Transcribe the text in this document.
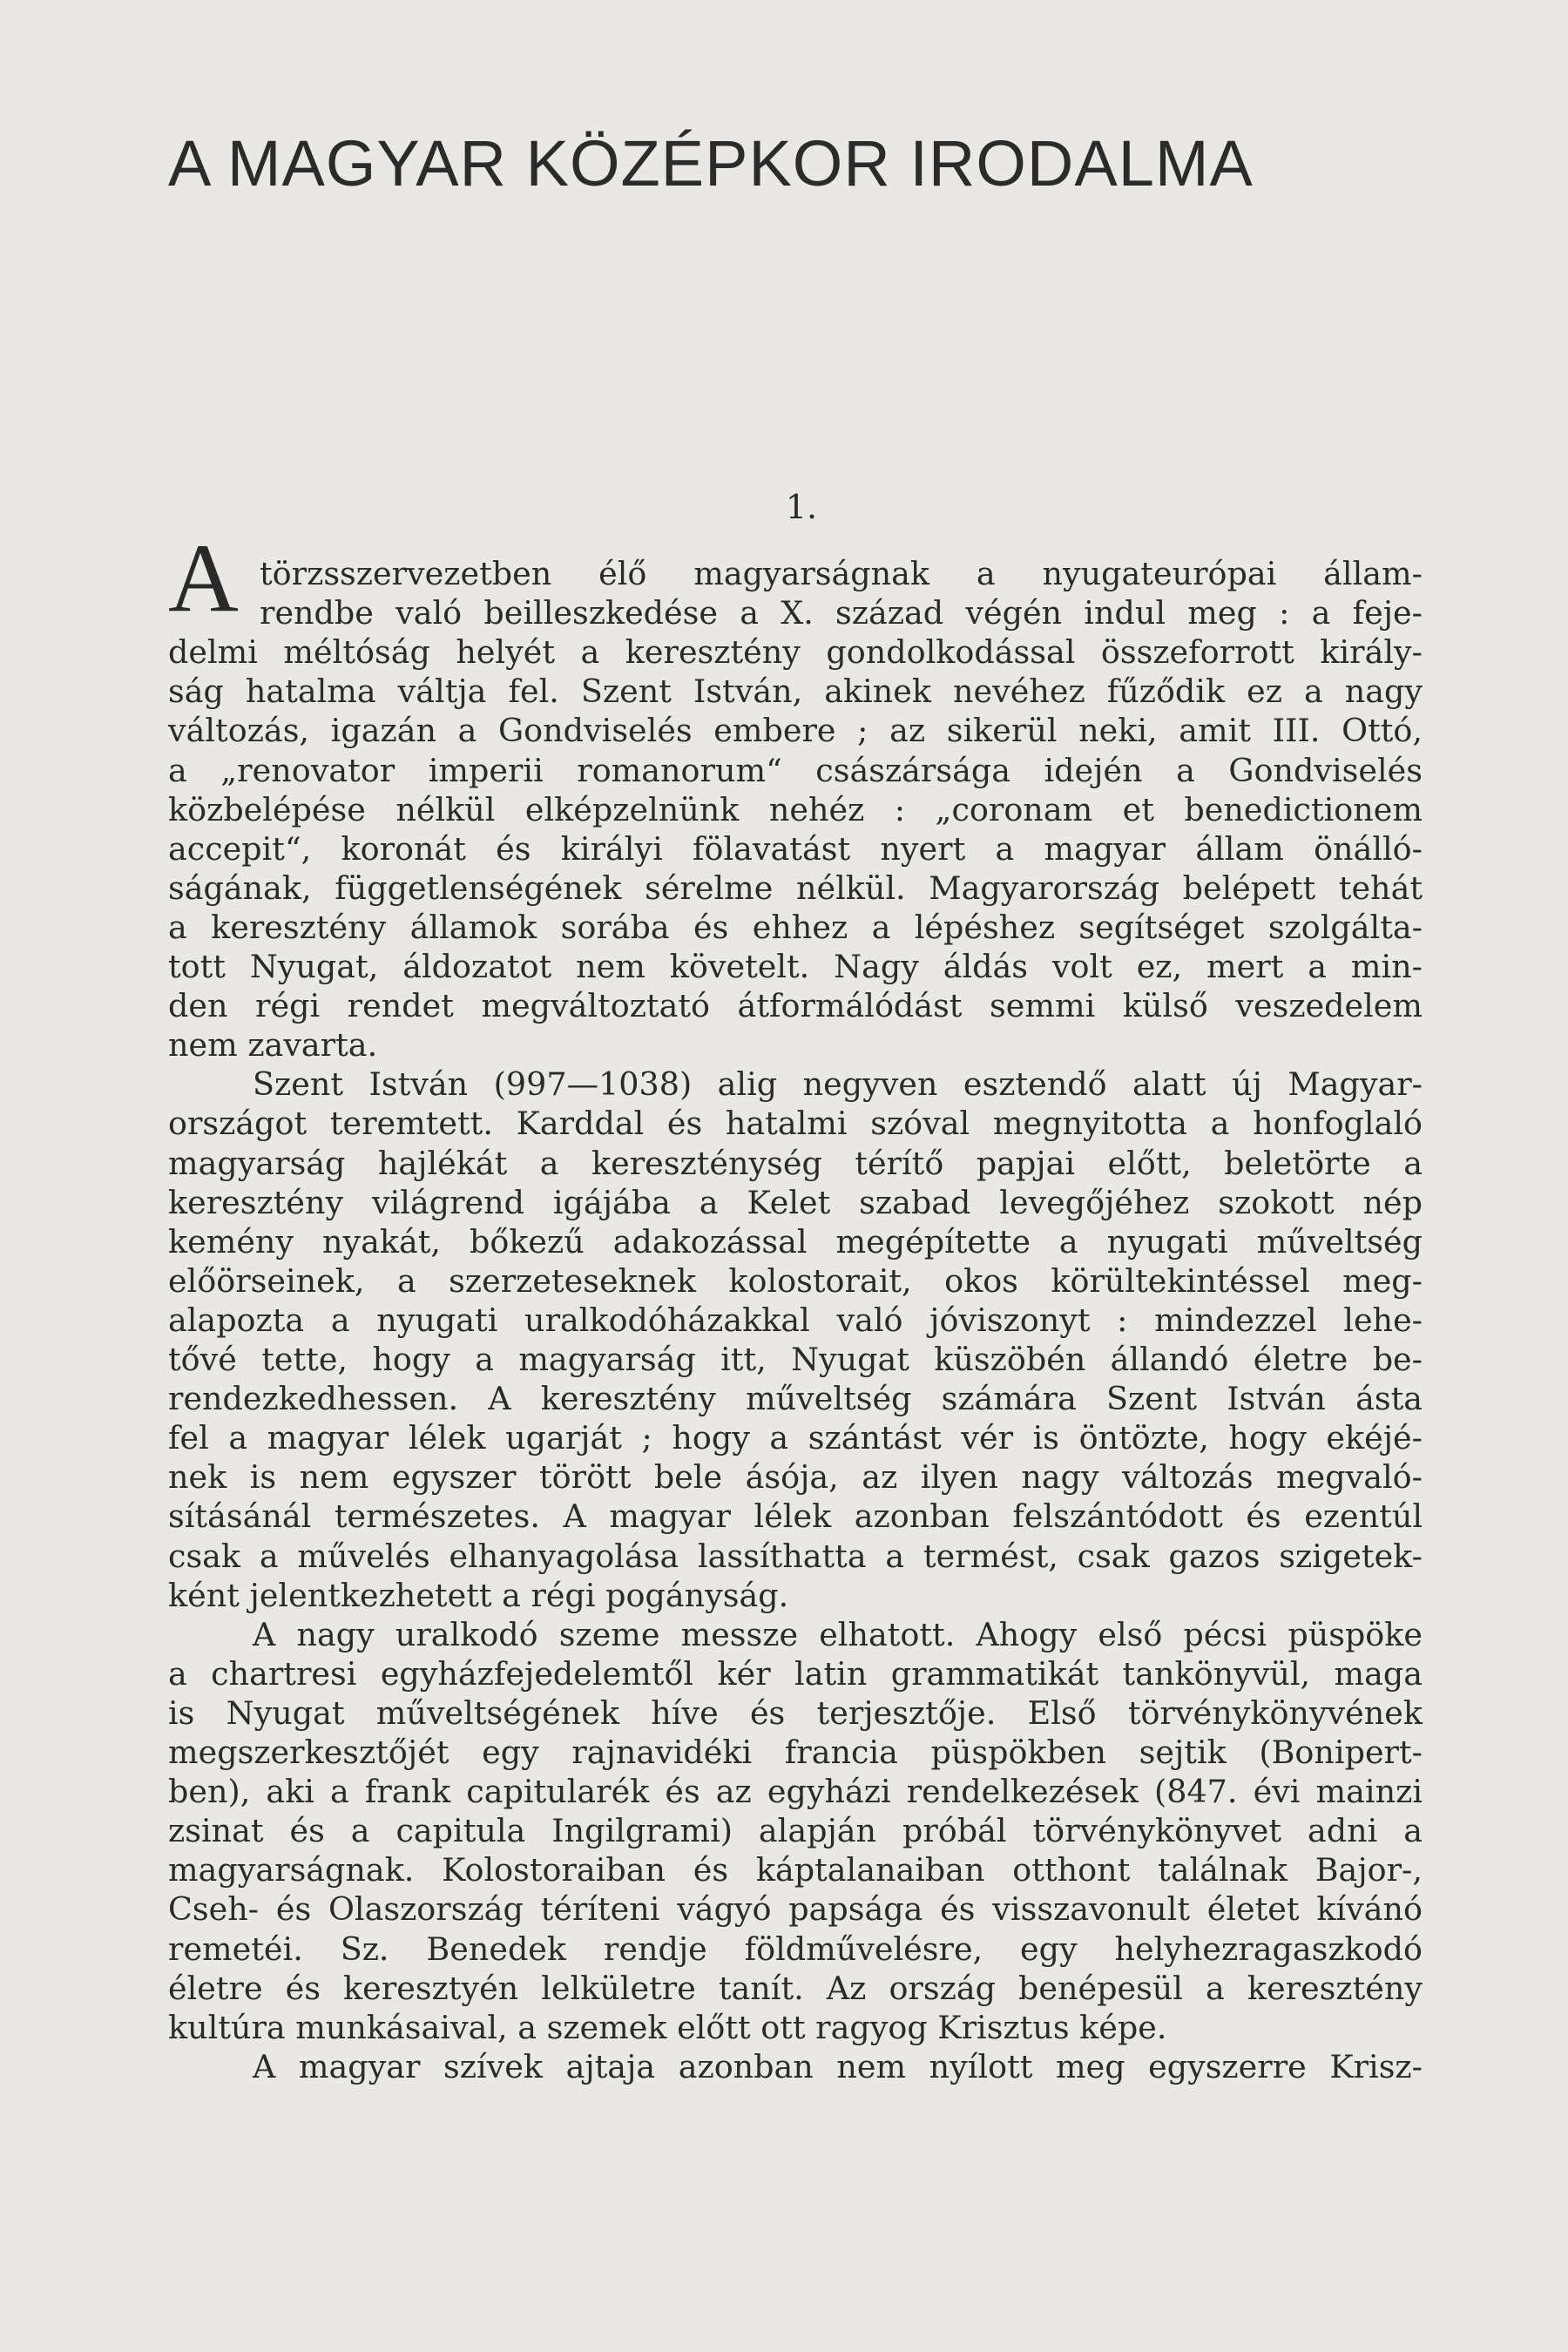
A MAGYAR KÖZÉPKOR IRODALMA
1.
A törzsszervezetben élő magyarságnak a nyugateurópai állam-
rendbe való beilleszkedése a X. század végén indul meg : a feje-
delmi méltóság helyét a keresztény gondolkodással összeforrott király-
ság hatalma váltja fel. Szent István, akinek nevéhez fűződik ez a nagy
változás, igazán a Gondviselés embere ; az sikerül neki, amit III. Ottó,
a „renovator imperii romanorum“ császársága idején a Gondviselés
közbelépése nélkül elképzelnünk nehéz : „coronam et benedictionem
accepit“, koronát és királyi fölavatást nyert a magyar állam önálló-
ságának, függetlenségének sérelme nélkül. Magyarország belépett tehát
a keresztény államok sorába és ehhez a lépéshez segítséget szolgálta-
tott Nyugat, áldozatot nem követelt. Nagy áldás volt ez, mert a min-
den régi rendet megváltoztató átformálódást semmi külső veszedelem
nem zavarta.
Szent István (997—1038) alig negyven esztendő alatt új Magyar-
országot teremtett. Karddal és hatalmi szóval megnyitotta a honfoglaló
magyarság hajlékát a kereszténység térítő papjai előtt, beletörte a
keresztény világrend igájába a Kelet szabad levegőjéhez szokott nép
kemény nyakát, bőkezű adakozással megépítette a nyugati műveltség
előörseinek, a szerzeteseknek kolostorait, okos körültekintéssel meg-
alapozta a nyugati uralkodóházakkal való jóviszonyt : mindezzel lehe-
tővé tette, hogy a magyarság itt, Nyugat küszöbén állandó életre be-
rendezkedhessen. A keresztény műveltség számára Szent István ásta
fel a magyar lélek ugarját ; hogy a szántást vér is öntözte, hogy ekéjé-
nek is nem egyszer törött bele ásója, az ilyen nagy változás megvaló-
sításánál természetes. A magyar lélek azonban felszántódott és ezentúl
csak a művelés elhanyagolása lassíthatta a termést, csak gazos szigetek-
ként jelentkezhetett a régi pogányság.
A nagy uralkodó szeme messze elhatott. Ahogy első pécsi püspöke
a chartresi egyházfejedelemtől kér latin grammatikát tankönyvül, maga
is Nyugat műveltségének híve és terjesztője. Első törvénykönyvének
megszerkesztőjét egy rajnavidéki francia püspökben sejtik (Bonipert-
ben), aki a frank capitularék és az egyházi rendelkezések (847. évi mainzi
zsinat és a capitula Ingilgrami) alapján próbál törvénykönyvet adni a
magyarságnak. Kolostoraiban és káptalanaiban otthont találnak Bajor-,
Cseh- és Olaszország téríteni vágyó papsága és visszavonult életet kívánó
remetéi. Sz. Benedek rendje földművelésre, egy helyhezragaszkodó
életre és keresztyén lelkületre tanít. Az ország benépesül a keresztény
kultúra munkásaival, a szemek előtt ott ragyog Krisztus képe.
A magyar szívek ajtaja azonban nem nyílott meg egyszerre Krisz-
